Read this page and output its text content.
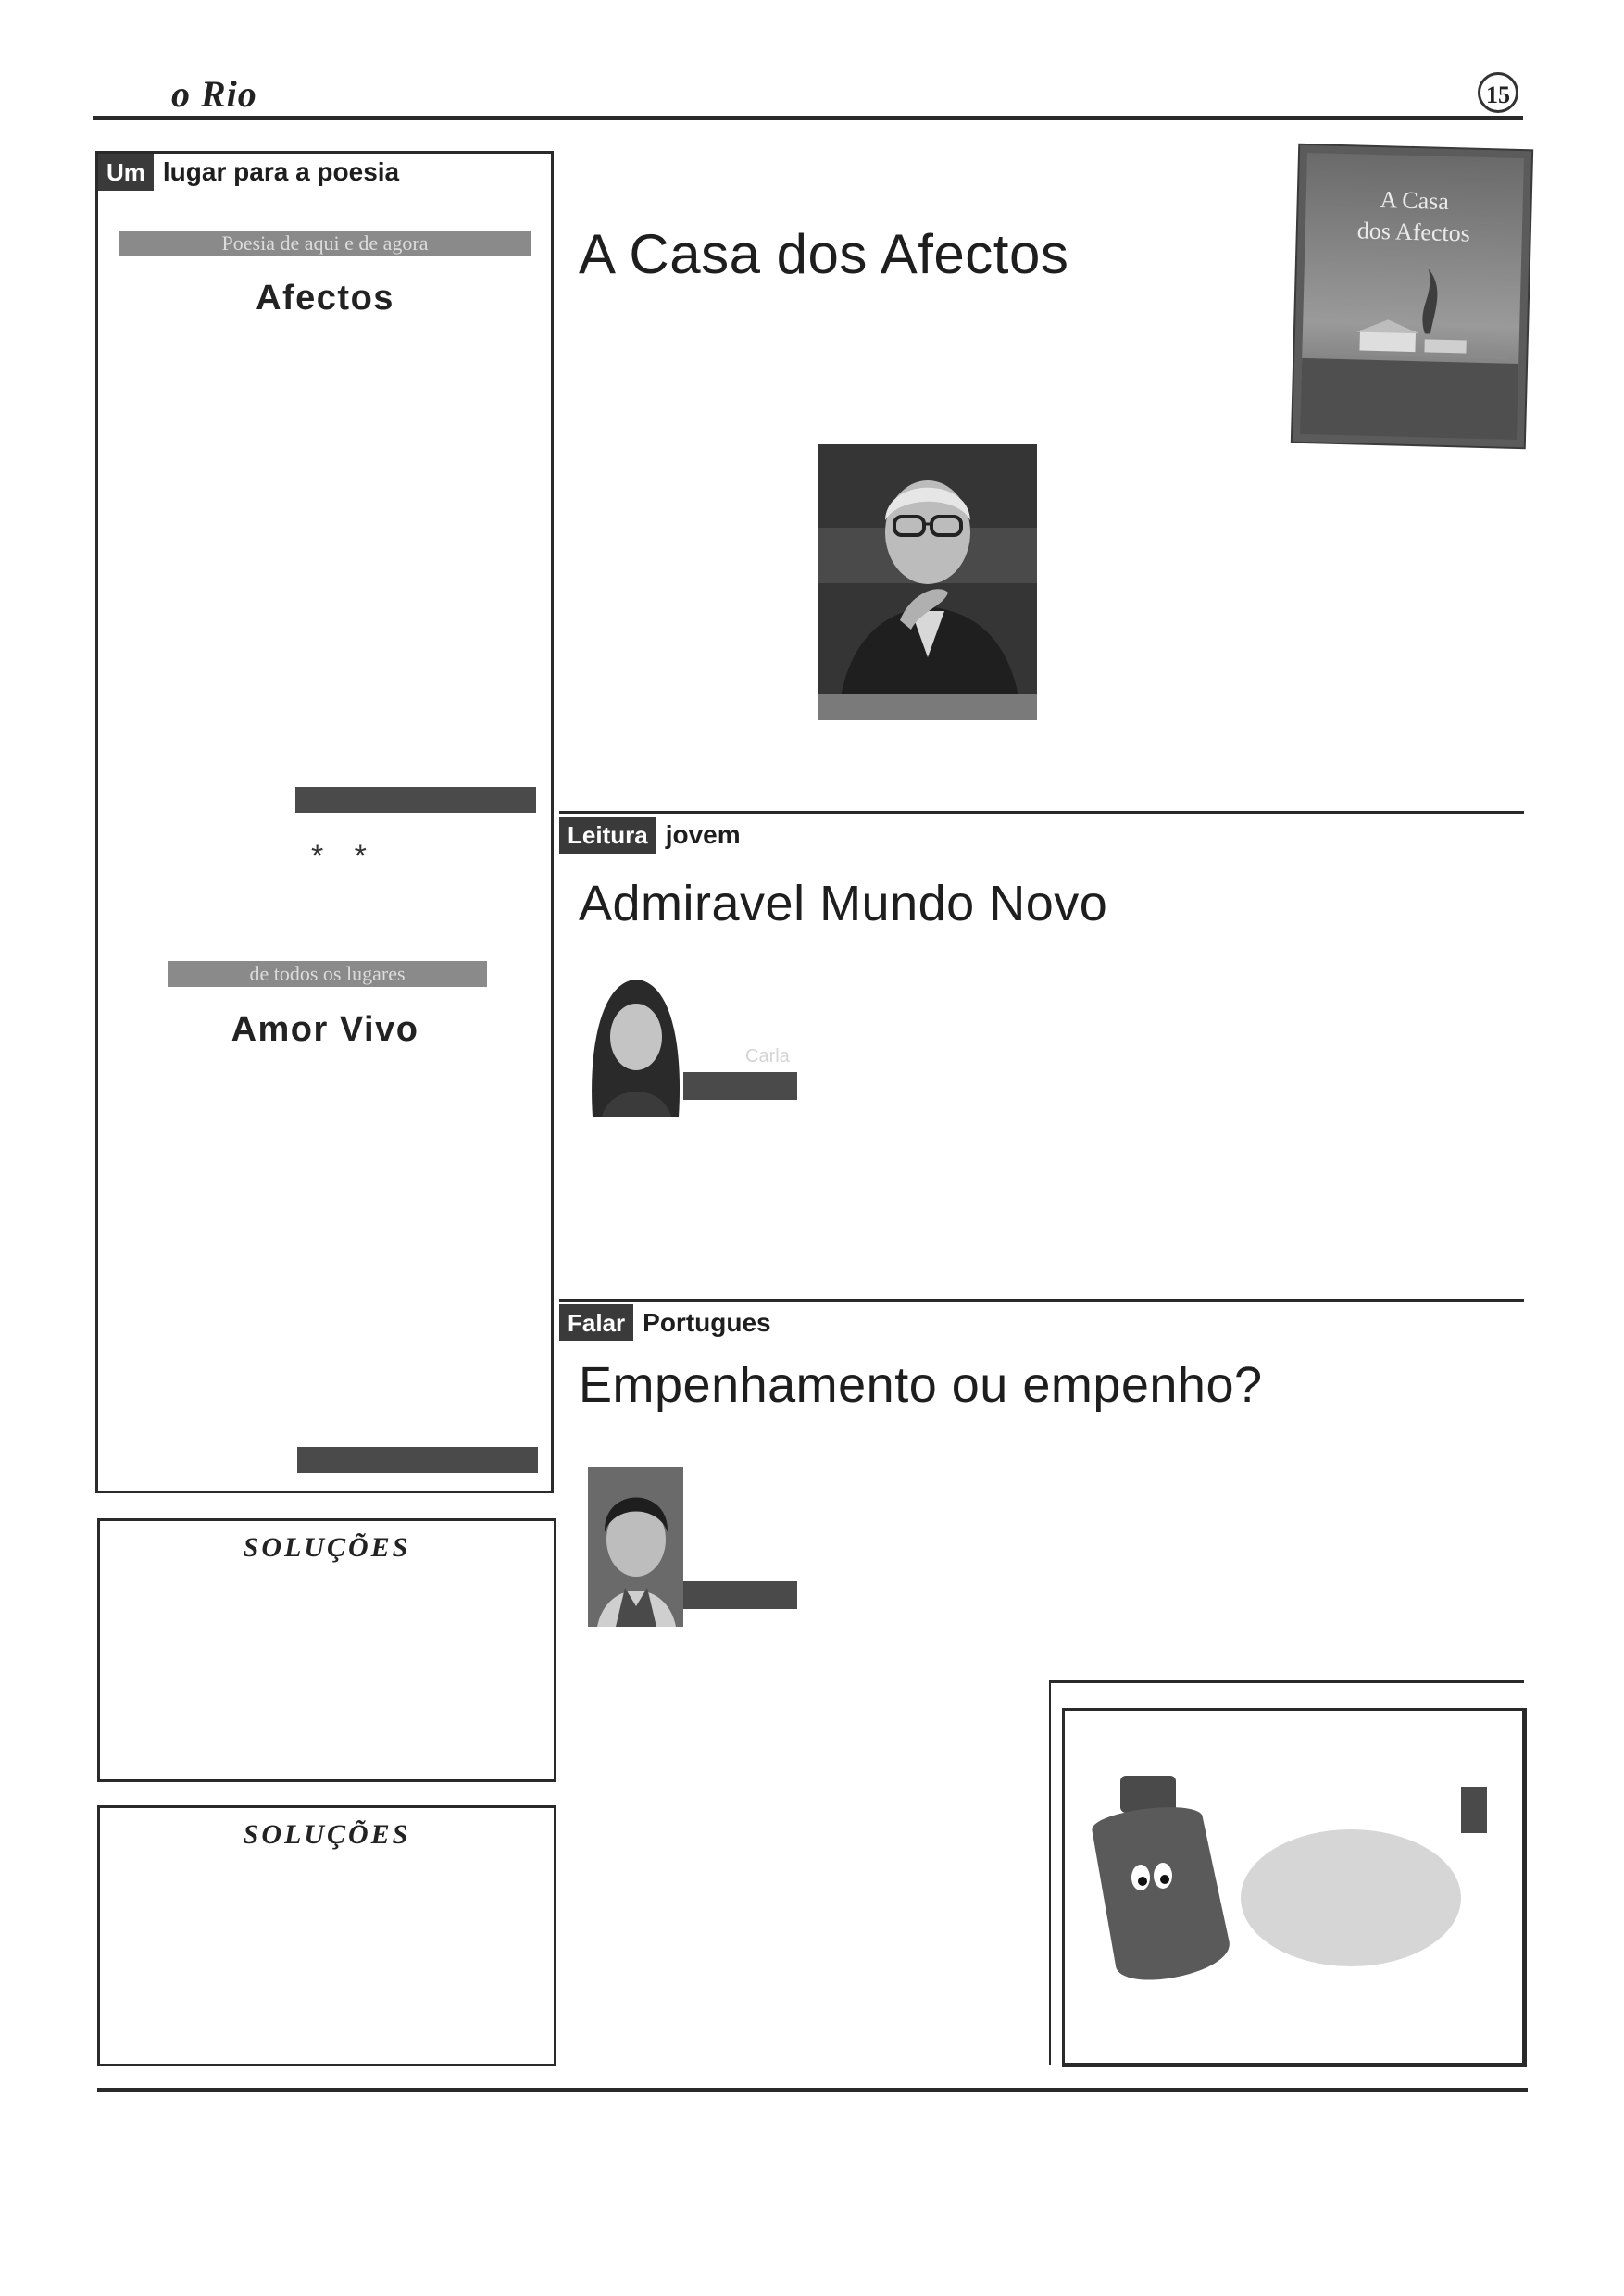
o Rio	15
Um lugar para a poesia
Poesia de aqui e de agora
Afectos
* *
de todos os lugares
Amor Vivo
SOLUÇÕES
SOLUÇÕES
A Casa dos Afectos
A Casa
dos Afectos
Leitura jovem
Admiravel Mundo Novo
Carla
Falar Portugues
Empenhamento ou empenho?
